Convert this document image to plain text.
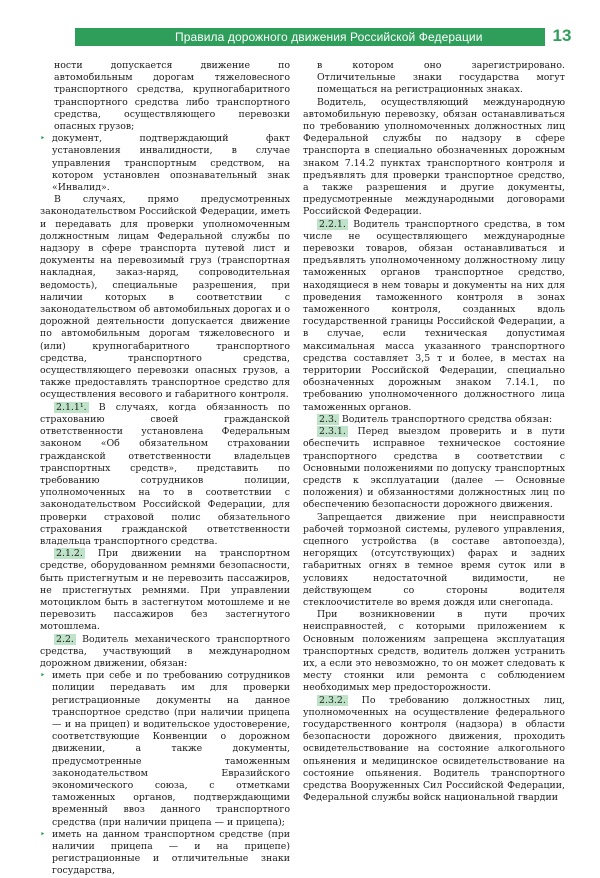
Правила дорожного движения Российской Федерации	13

ности допускается движение по автомобильным дорогам тяжеловесного транспортного средства, крупногабаритного транспортного средства либо транспортного средства, осуществляющего перевозки опасных грузов;

‣ документ, подтверждающий факт установления инвалидности, в случае управления транспортным средством, на котором установлен опознавательный знак «Инвалид».

В случаях, прямо предусмотренных законодательством Российской Федерации, иметь и передавать для проверки уполномоченным должностным лицам Федеральной службы по надзору в сфере транспорта путевой лист и документы на перевозимый груз (транспортная накладная, заказ-наряд, сопроводительная ведомость), специальные разрешения, при наличии которых в соответствии с законодательством об автомобильных дорогах и о дорожной деятельности допускается движение по автомобильным дорогам тяжеловесного и (или) крупногабаритного транспортного средства, транспортного средства, осуществляющего перевозки опасных грузов, а также предоставлять транспортное средство для осуществления весового и габаритного контроля.

2.1.1¹. В случаях, когда обязанность по страхованию своей гражданской ответственности установлена Федеральным законом «Об обязательном страховании гражданской ответственности владельцев транспортных средств», представить по требованию сотрудников полиции, уполномоченных на то в соответствии с законодательством Российской Федерации, для проверки страховой полис обязательного страхования гражданской ответственности владельца транспортного средства.

2.1.2. При движении на транспортном средстве, оборудованном ремнями безопасности, быть пристегнутым и не перевозить пассажиров, не пристегнутых ремнями. При управлении мотоциклом быть в застегнутом мотошлеме и не перевозить пассажиров без застегнутого мотошлема.

2.2. Водитель механического транспортного средства, участвующий в международном дорожном движении, обязан:

‣ иметь при себе и по требованию сотрудников полиции передавать им для проверки регистрационные документы на данное транспортное средство (при наличии прицепа — и на прицеп) и водительское удостоверение, соответствующие Конвенции о дорожном движении, а также документы, предусмотренные таможенным законодательством Евразийского экономического союза, с отметками таможенных органов, подтверждающими временный ввоз данного транспортного средства (при наличии прицепа — и прицепа);

‣ иметь на данном транспортном средстве (при наличии прицепа — и на прицепе) регистрационные и отличительные знаки государства,

в котором оно зарегистрировано. Отличительные знаки государства могут помещаться на регистрационных знаках.

Водитель, осуществляющий международную автомобильную перевозку, обязан останавливаться по требованию уполномоченных должностных лиц Федеральной службы по надзору в сфере транспорта в специально обозначенных дорожным знаком 7.14.2 пунктах транспортного контроля и предъявлять для проверки транспортное средство, а также разрешения и другие документы, предусмотренные международными договорами Российской Федерации.

2.2.1. Водитель транспортного средства, в том числе не осуществляющего международные перевозки товаров, обязан останавливаться и предъявлять уполномоченному должностному лицу таможенных органов транспортное средство, находящиеся в нем товары и документы на них для проведения таможенного контроля в зонах таможенного контроля, созданных вдоль государственной границы Российской Федерации, а в случае, если техническая допустимая максимальная масса указанного транспортного средства составляет 3,5 т и более, в местах на территории Российской Федерации, специально обозначенных дорожным знаком 7.14.1, по требованию уполномоченного должностного лица таможенных органов.

2.3. Водитель транспортного средства обязан:

2.3.1. Перед выездом проверить и в пути обеспечить исправное техническое состояние транспортного средства в соответствии с Основными положениями по допуску транспортных средств к эксплуатации (далее — Основные положения) и обязанностями должностных лиц по обеспечению безопасности дорожного движения.

Запрещается движение при неисправности рабочей тормозной системы, рулевого управления, сцепного устройства (в составе автопоезда), негорящих (отсутствующих) фарах и задних габаритных огнях в темное время суток или в условиях недостаточной видимости, не действующем со стороны водителя стеклоочистителе во время дождя или снегопада.

При возникновении в пути прочих неисправностей, с которыми приложением к Основным положениям запрещена эксплуатация транспортных средств, водитель должен устранить их, а если это невозможно, то он может следовать к месту стоянки или ремонта с соблюдением необходимых мер предосторожности.

2.3.2. По требованию должностных лиц, уполномоченных на осуществление федерального государственного контроля (надзора) в области безопасности дорожного движения, проходить освидетельствование на состояние алкогольного опьянения и медицинское освидетельствование на состояние опьянения. Водитель транспортного средства Вооруженных Сил Российской Федерации, Федеральной службы войск национальной гвардии
